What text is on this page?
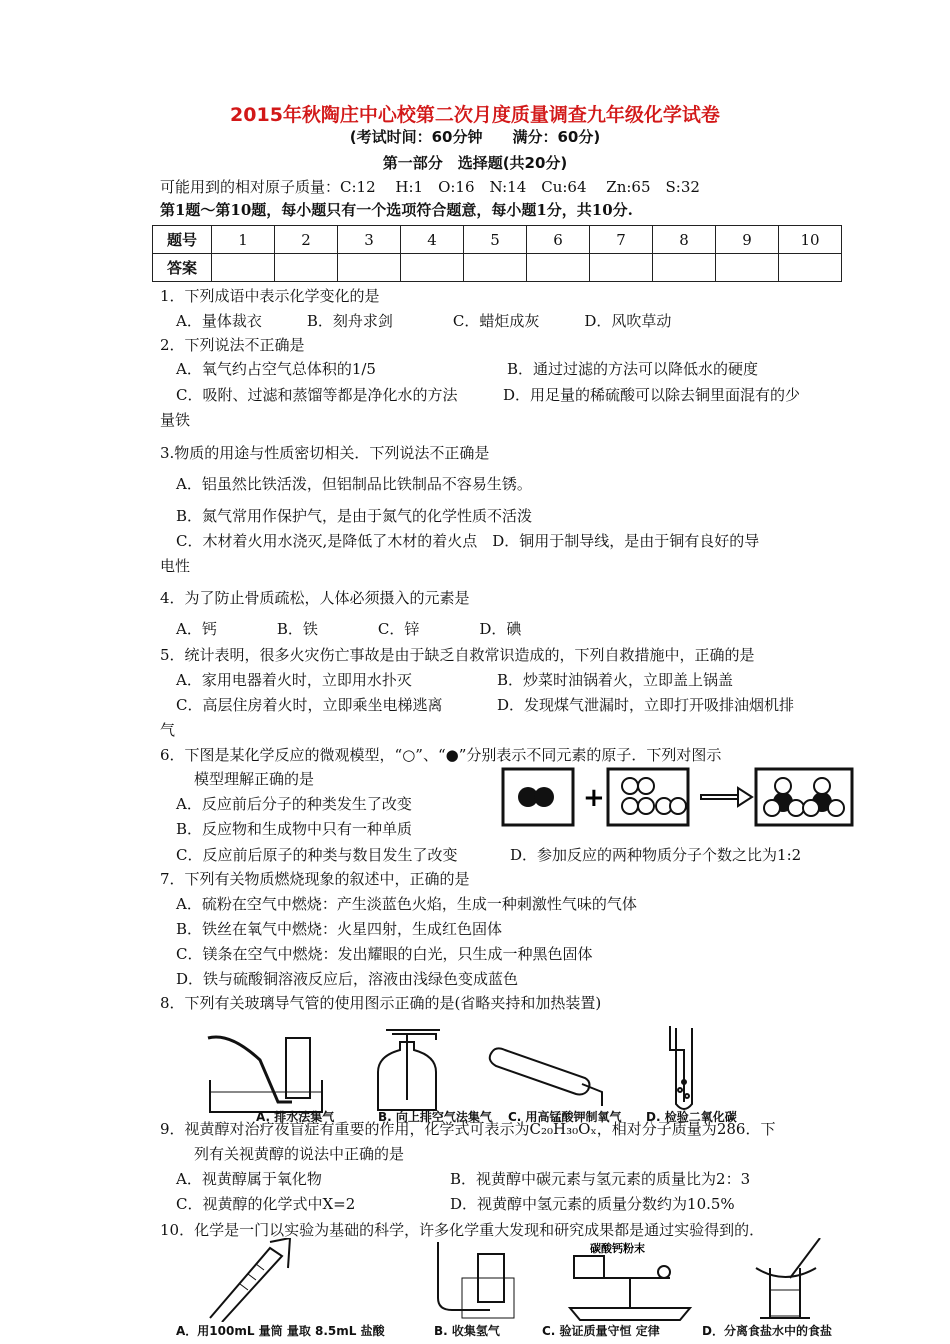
2015年秋陶庄中心校第二次月度质量调查九年级化学试卷
(考试时间：60分钟　　满分：60分)
第一部分　选择题(共20分)
可能用到的相对原子质量：C:12　 H:1　O:16　N:14　Cu:64　 Zn:65　S:32
第1题～第10题，每小题只有一个选项符合题意，每小题1分，共10分.
题号	1	2	3	4	5	6	7	8	9	10
答案										
1．下列成语中表示化学变化的是
A．量体裁衣　　　B．刻舟求剑　　　　C．蜡炬成灰　　　D．风吹草动
2．下列说法不正确是
A．氧气约占空气总体积的1/5	B．通过过滤的方法可以降低水的硬度
C．吸附、过滤和蒸馏等都是净化水的方法	D．用足量的稀硫酸可以除去铜里面混有的少
量铁
3.物质的用途与性质密切相关．下列说法不正确是
A．铝虽然比铁活泼，但铝制品比铁制品不容易生锈。
B．氮气常用作保护气，是由于氮气的化学性质不活泼
C．木材着火用水浇灭,是降低了木材的着火点　D．铜用于制导线，是由于铜有良好的导
电性
4．为了防止骨质疏松，人体必须摄入的元素是
A．钙　　　　B．铁　　　　C．锌　　　　D．碘
5．统计表明，很多火灾伤亡事故是由于缺乏自救常识造成的，下列自救措施中，正确的是
A．家用电器着火时，立即用水扑灭	B．炒菜时油锅着火，立即盖上锅盖
C．高层住房着火时，立即乘坐电梯逃离	D．发现煤气泄漏时，立即打开吸排油烟机排
气
6．下图是某化学反应的微观模型，“○”、“●”分别表示不同元素的原子．下列对图示
模型理解正确的是
A．反应前后分子的种类发生了改变
B．反应物和生成物中只有一种单质
C．反应前后原子的种类与数目发生了改变	D．参加反应的两种物质分子个数之比为1:2
+
7．下列有关物质燃烧现象的叙述中，正确的是
A．硫粉在空气中燃烧：产生淡蓝色火焰，生成一种刺激性气味的气体
B．铁丝在氧气中燃烧：火星四射，生成红色固体
C．镁条在空气中燃烧：发出耀眼的白光，只生成一种黑色固体
D．铁与硫酸铜溶液反应后，溶液由浅绿色变成蓝色
8．下列有关玻璃导气管的使用图示正确的是(省略夹持和加热装置)
A. 排水法集气	B. 向上排空气法集气 C. 用高锰酸钾制氧气 D. 检验二氧化碳
9．视黄醇对治疗夜盲症有重要的作用，化学式可表示为C₂₀H₃₀Oₓ，相对分子质量为286．下
列有关视黄醇的说法中正确的是
A．视黄醇属于氧化物	B．视黄醇中碳元素与氢元素的质量比为2：3
C．视黄醇的化学式中X=2	D．视黄醇中氢元素的质量分数约为10.5%
10．化学是一门以实验为基础的科学，许多化学重大发现和研究成果都是通过实验得到的．
碳酸钙粉末
A．用100mL 量筒 量取 8.5mL 盐酸	B. 收集氢气	C. 验证质量守恒 定律	D．分离食盐水中的食盐
